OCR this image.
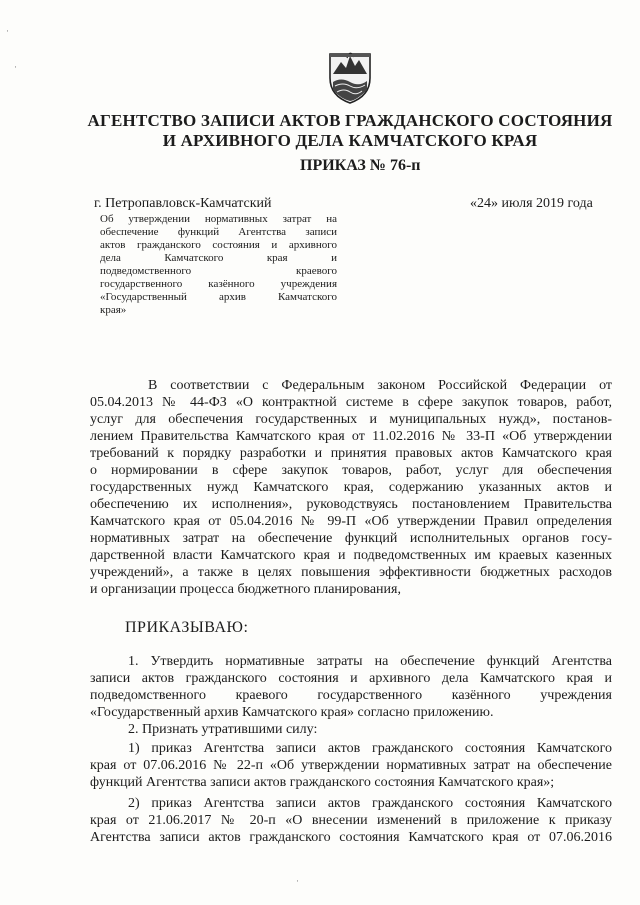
АГЕНТСТВО ЗАПИСИ АКТОВ ГРАЖДАНСКОГО СОСТОЯНИЯ
И АРХИВНОГО ДЕЛА КАМЧАТСКОГО КРАЯ
ПРИКАЗ № 76-п
г. Петропавловск-Камчатский	«24» июля 2019 года
Об утверждении нормативных затрат на
обеспечение функций Агентства записи
актов гражданского состояния и архивного
дела Камчатского края и
подведомственного краевого
государственного казённого учреждения
«Государственный архив Камчатского
края»
В соответствии с Федеральным законом Российской Федерации от
05.04.2013 № 44-ФЗ «О контрактной системе в сфере закупок товаров, работ,
услуг для обеспечения государственных и муниципальных нужд», постанов-
лением Правительства Камчатского края от 11.02.2016 № 33-П «Об утверждении
требований к порядку разработки и принятия правовых актов Камчатского края
о нормировании в сфере закупок товаров, работ, услуг для обеспечения
государственных нужд Камчатского края, содержанию указанных актов и
обеспечению их исполнения», руководствуясь постановлением Правительства
Камчатского края от 05.04.2016 № 99-П «Об утверждении Правил определения
нормативных затрат на обеспечение функций исполнительных органов госу-
дарственной власти Камчатского края и подведомственных им краевых казенных
учреждений», а также в целях повышения эффективности бюджетных расходов
и организации процесса бюджетного планирования,
ПРИКАЗЫВАЮ:
1. Утвердить нормативные затраты на обеспечение функций Агентства
записи актов гражданского состояния и архивного дела Камчатского края и
подведомственного краевого государственного казённого учреждения
«Государственный архив Камчатского края» согласно приложению.
2. Признать утратившими силу:
1) приказ Агентства записи актов гражданского состояния Камчатского
края от 07.06.2016 № 22-п «Об утверждении нормативных затрат на обеспечение
функций Агентства записи актов гражданского состояния Камчатского края»;
2) приказ Агентства записи актов гражданского состояния Камчатского
края от 21.06.2017 № 20-п «О внесении изменений в приложение к приказу
Агентства записи актов гражданского состояния Камчатского края от 07.06.2016
·
·
·
